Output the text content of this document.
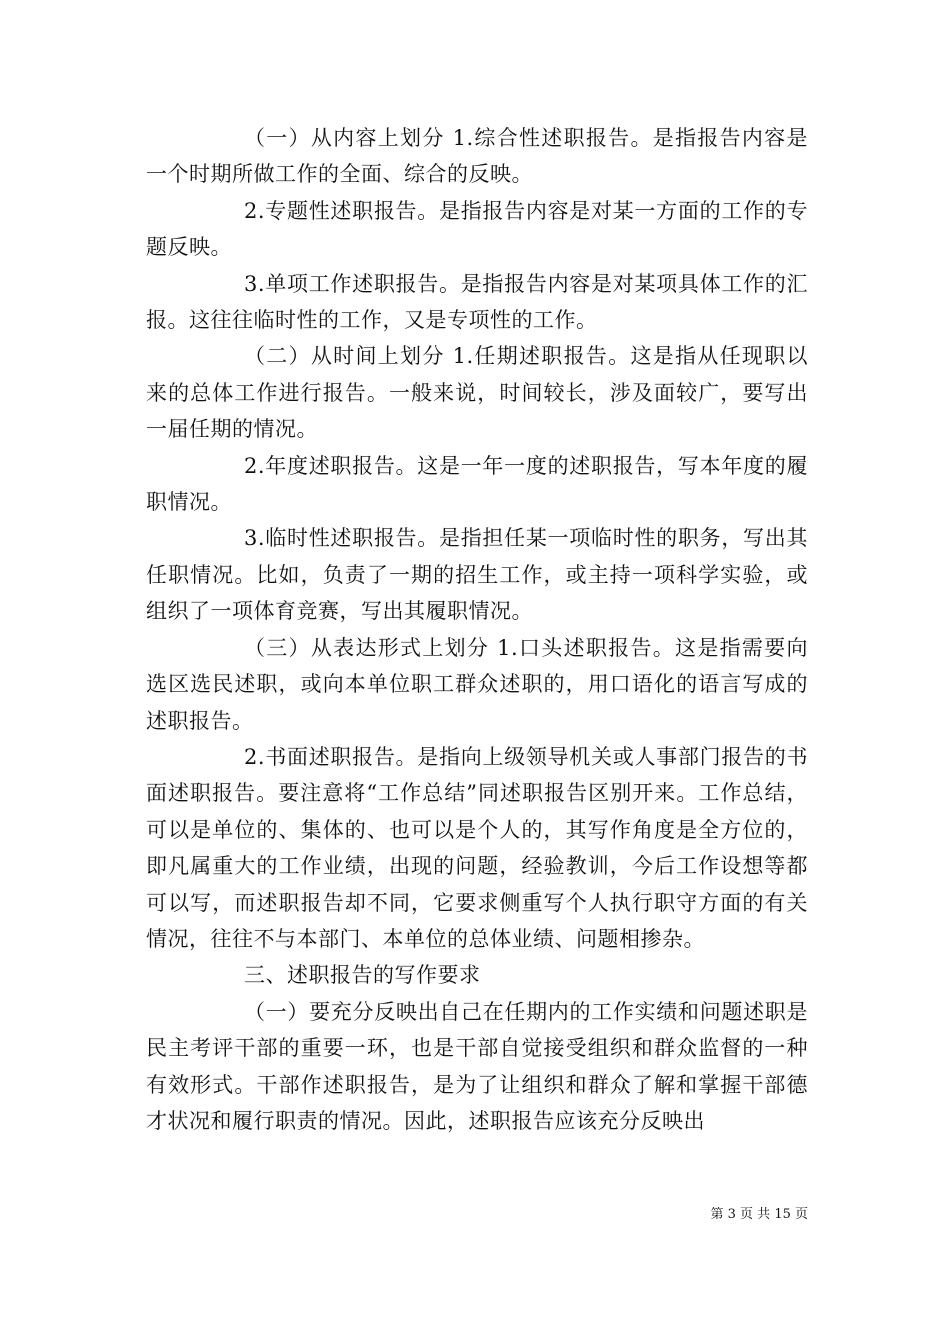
（一）从内容上划分 1.综合性述职报告。是指报告内容是一个时期所做工作的全面、综合的反映。

2.专题性述职报告。是指报告内容是对某一方面的工作的专题反映。

3.单项工作述职报告。是指报告内容是对某项具体工作的汇报。这往往临时性的工作，又是专项性的工作。

（二）从时间上划分 1.任期述职报告。这是指从任现职以来的总体工作进行报告。一般来说，时间较长，涉及面较广，要写出一届任期的情况。

2.年度述职报告。这是一年一度的述职报告，写本年度的履职情况。

3.临时性述职报告。是指担任某一项临时性的职务，写出其任职情况。比如，负责了一期的招生工作，或主持一项科学实验，或组织了一项体育竞赛，写出其履职情况。

（三）从表达形式上划分 1.口头述职报告。这是指需要向选区选民述职，或向本单位职工群众述职的，用口语化的语言写成的述职报告。

2.书面述职报告。是指向上级领导机关或人事部门报告的书面述职报告。要注意将“工作总结”同述职报告区别开来。工作总结，可以是单位的、集体的、也可以是个人的，其写作角度是全方位的，即凡属重大的工作业绩，出现的问题，经验教训，今后工作设想等都可以写，而述职报告却不同，它要求侧重写个人执行职守方面的有关情况，往往不与本部门、本单位的总体业绩、问题相掺杂。

三、述职报告的写作要求

（一）要充分反映出自己在任期内的工作实绩和问题述职是民主考评干部的重要一环，也是干部自觉接受组织和群众监督的一种有效形式。干部作述职报告，是为了让组织和群众了解和掌握干部德才状况和履行职责的情况。因此，述职报告应该充分反映出

第 3 页 共 15 页
